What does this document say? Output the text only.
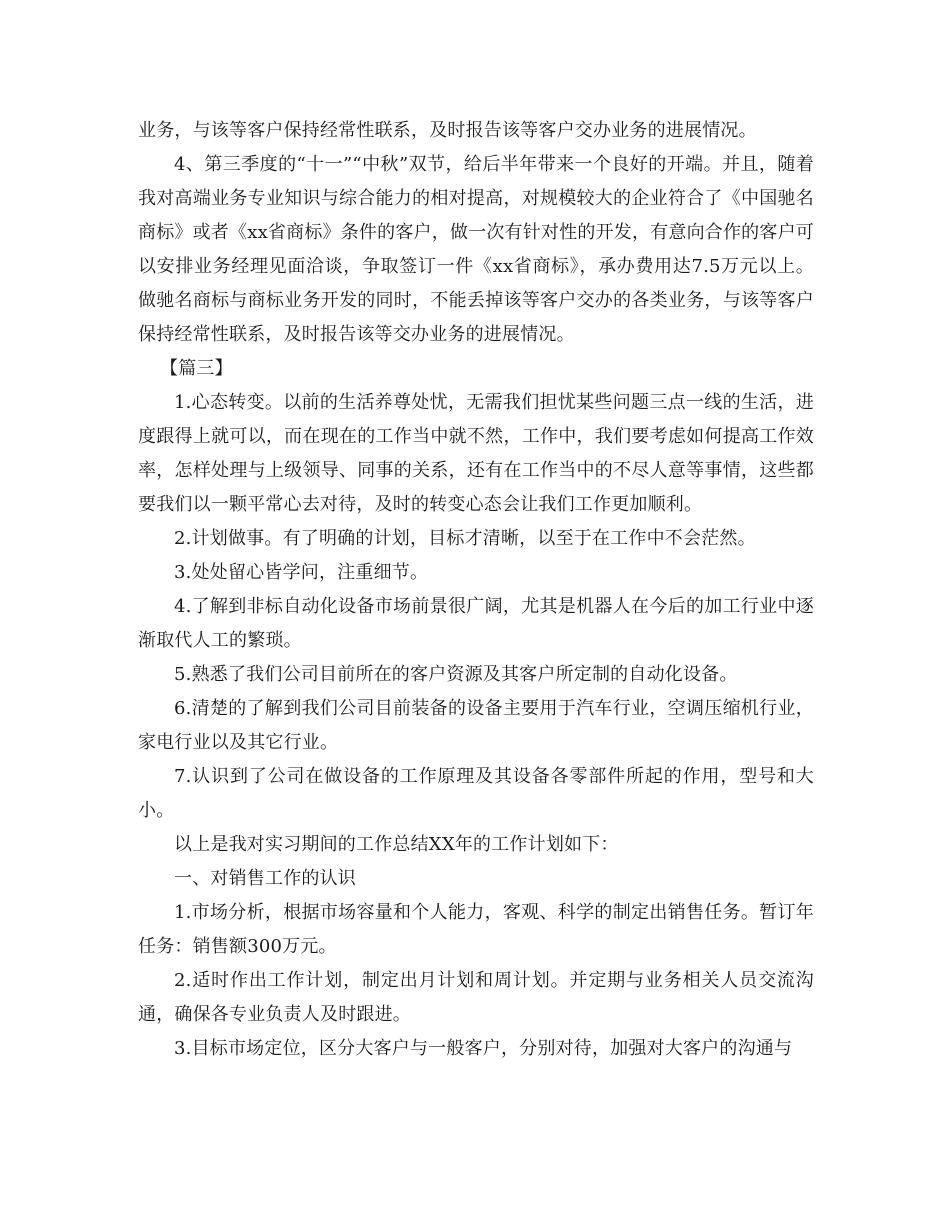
业务，与该等客户保持经常性联系，及时报告该等客户交办业务的进展情况。

4、第三季度的“十一”“中秋”双节，给后半年带来一个良好的开端。并且，随着我对高端业务专业知识与综合能力的相对提高，对规模较大的企业符合了《中国驰名商标》或者《xx省商标》条件的客户，做一次有针对性的开发，有意向合作的客户可以安排业务经理见面洽谈，争取签订一件《xx省商标》，承办费用达7.5万元以上。做驰名商标与商标业务开发的同时，不能丢掉该等客户交办的各类业务，与该等客户保持经常性联系，及时报告该等交办业务的进展情况。

【篇三】

1.心态转变。以前的生活养尊处忧，无需我们担忧某些问题三点一线的生活，进度跟得上就可以，而在现在的工作当中就不然，工作中，我们要考虑如何提高工作效率，怎样处理与上级领导、同事的关系，还有在工作当中的不尽人意等事情，这些都要我们以一颗平常心去对待，及时的转变心态会让我们工作更加顺利。

2.计划做事。有了明确的计划，目标才清晰，以至于在工作中不会茫然。

3.处处留心皆学问，注重细节。

4.了解到非标自动化设备市场前景很广阔，尤其是机器人在今后的加工行业中逐渐取代人工的繁琐。

5.熟悉了我们公司目前所在的客户资源及其客户所定制的自动化设备。

6.清楚的了解到我们公司目前装备的设备主要用于汽车行业，空调压缩机行业，家电行业以及其它行业。

7.认识到了公司在做设备的工作原理及其设备各零部件所起的作用，型号和大小。

以上是我对实习期间的工作总结XX年的工作计划如下：

一、对销售工作的认识

1.市场分析，根据市场容量和个人能力，客观、科学的制定出销售任务。暂订年任务：销售额300万元。

2.适时作出工作计划，制定出月计划和周计划。并定期与业务相关人员交流沟通，确保各专业负责人及时跟进。

3.目标市场定位，区分大客户与一般客户，分别对待，加强对大客户的沟通与
